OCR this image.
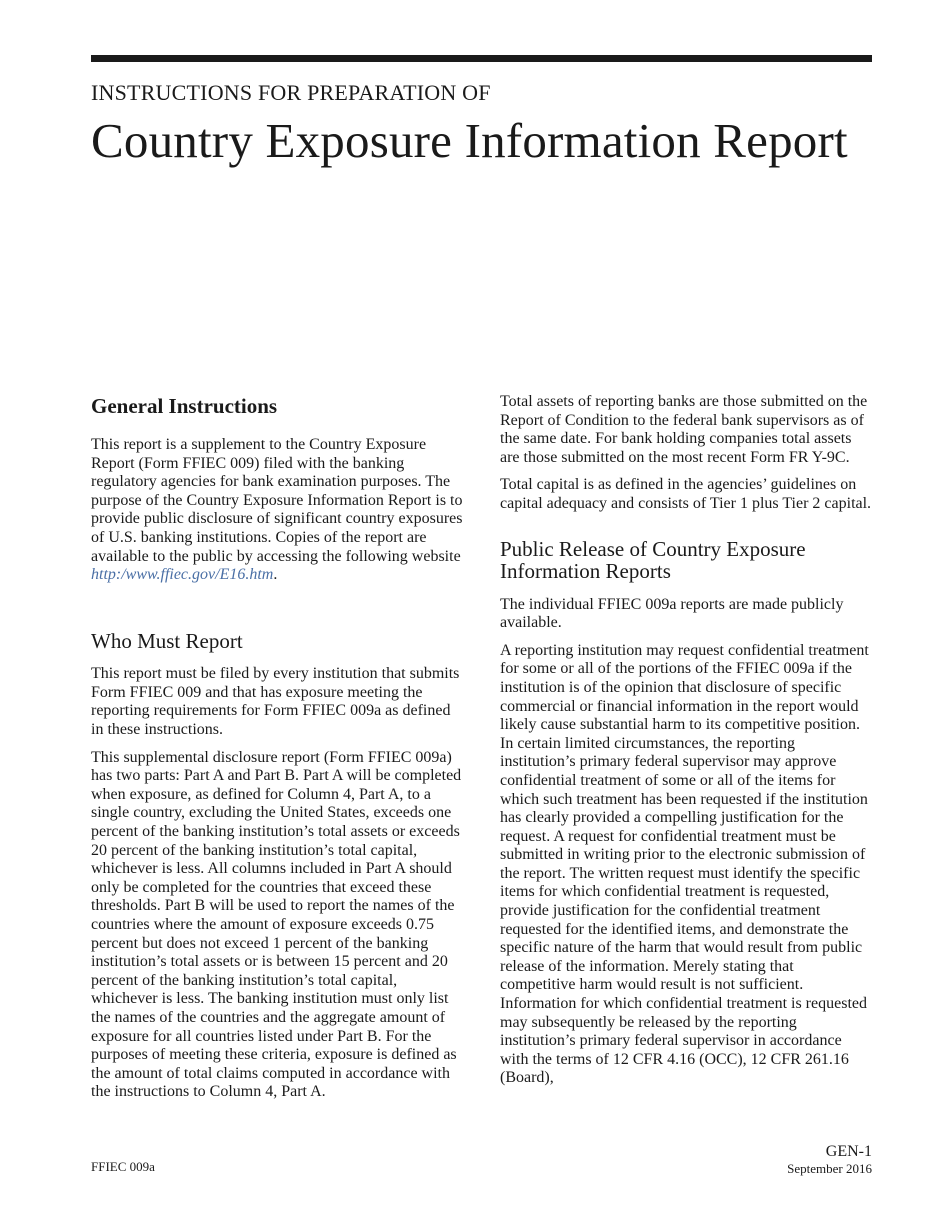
INSTRUCTIONS FOR PREPARATION OF
Country Exposure Information Report
General Instructions

This report is a supplement to the Country Exposure Report (Form FFIEC 009) filed with the banking regulatory agencies for bank examination purposes. The purpose of the Country Exposure Information Report is to provide public disclosure of significant country exposures of U.S. banking institutions. Copies of the report are available to the public by accessing the following website http:/www.ffiec.gov/E16.htm.

Who Must Report

This report must be filed by every institution that submits Form FFIEC 009 and that has exposure meeting the reporting requirements for Form FFIEC 009a as defined in these instructions.

This supplemental disclosure report (Form FFIEC 009a) has two parts: Part A and Part B. Part A will be completed when exposure, as defined for Column 4, Part A, to a single country, excluding the United States, exceeds one percent of the banking institution’s total assets or exceeds 20 percent of the banking institution’s total capital, whichever is less. All columns included in Part A should only be completed for the countries that exceed these thresholds. Part B will be used to report the names of the countries where the amount of exposure exceeds 0.75 percent but does not exceed 1 percent of the banking institution’s total assets or is between 15 percent and 20 percent of the banking institution’s total capital, whichever is less. The banking institution must only list the names of the countries and the aggregate amount of exposure for all countries listed under Part B. For the purposes of meeting these criteria, exposure is defined as the amount of total claims computed in accordance with the instructions to Column 4, Part A.

Total assets of reporting banks are those submitted on the Report of Condition to the federal bank supervisors as of the same date. For bank holding companies total assets are those submitted on the most recent Form FR Y-9C.

Total capital is as defined in the agencies’ guidelines on capital adequacy and consists of Tier 1 plus Tier 2 capital.

Public Release of Country Exposure Information Reports

The individual FFIEC 009a reports are made publicly available.

A reporting institution may request confidential treatment for some or all of the portions of the FFIEC 009a if the institution is of the opinion that disclosure of specific commercial or financial information in the report would likely cause substantial harm to its competitive position. In certain limited circumstances, the reporting institution’s primary federal supervisor may approve confidential treatment of some or all of the items for which such treatment has been requested if the institution has clearly provided a compelling justification for the request. A request for confidential treatment must be submitted in writing prior to the electronic submission of the report. The written request must identify the specific items for which confidential treatment is requested, provide justification for the confidential treatment requested for the identified items, and demonstrate the specific nature of the harm that would result from public release of the information. Merely stating that competitive harm would result is not sufficient. Information for which confidential treatment is requested may subsequently be released by the reporting institution’s primary federal supervisor in accordance with the terms of 12 CFR 4.16 (OCC), 12 CFR 261.16 (Board),

FFIEC 009a
GEN-1
September 2016
